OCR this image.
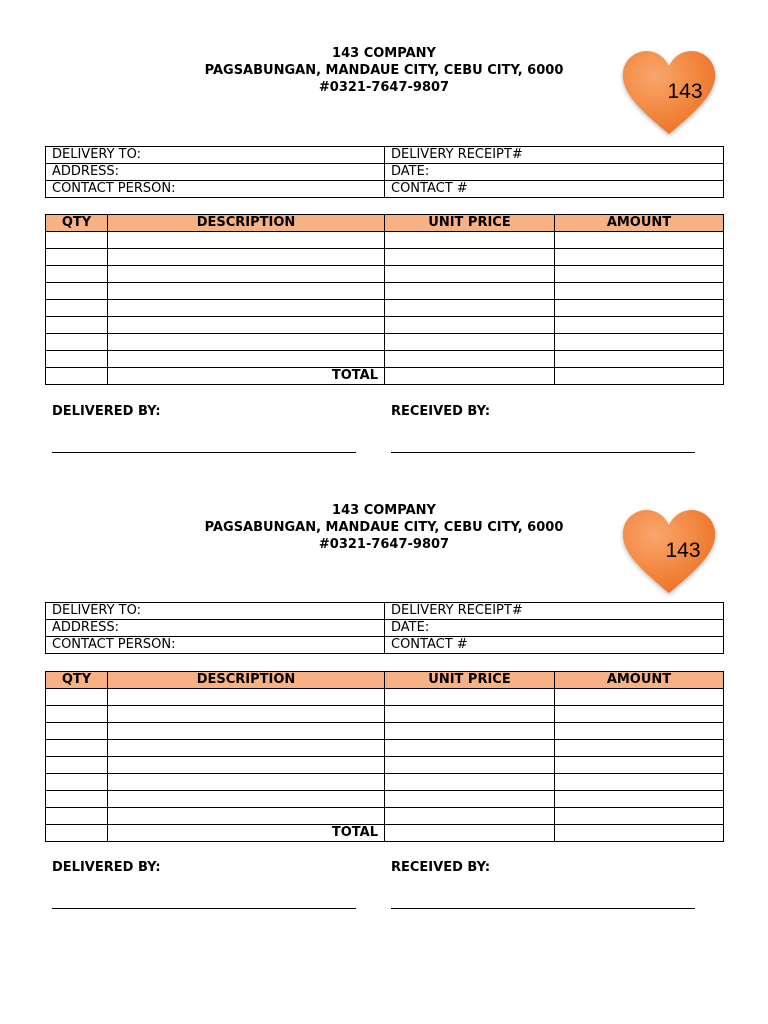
143 COMPANY
PAGSABUNGAN, MANDAUE CITY, CEBU CITY, 6000
#0321-7647-9807	143
DELIVERY TO:	DELIVERY RECEIPT#
ADDRESS:	DATE:
CONTACT PERSON:	CONTACT #
QTY	DESCRIPTION	UNIT PRICE	AMOUNT

	TOTAL		
DELIVERED BY:	RECEIVED BY:
143 COMPANY
PAGSABUNGAN, MANDAUE CITY, CEBU CITY, 6000
#0321-7647-9807	143
DELIVERY TO:	DELIVERY RECEIPT#
ADDRESS:	DATE:
CONTACT PERSON:	CONTACT #
QTY	DESCRIPTION	UNIT PRICE	AMOUNT

	TOTAL		
DELIVERED BY:	RECEIVED BY:
